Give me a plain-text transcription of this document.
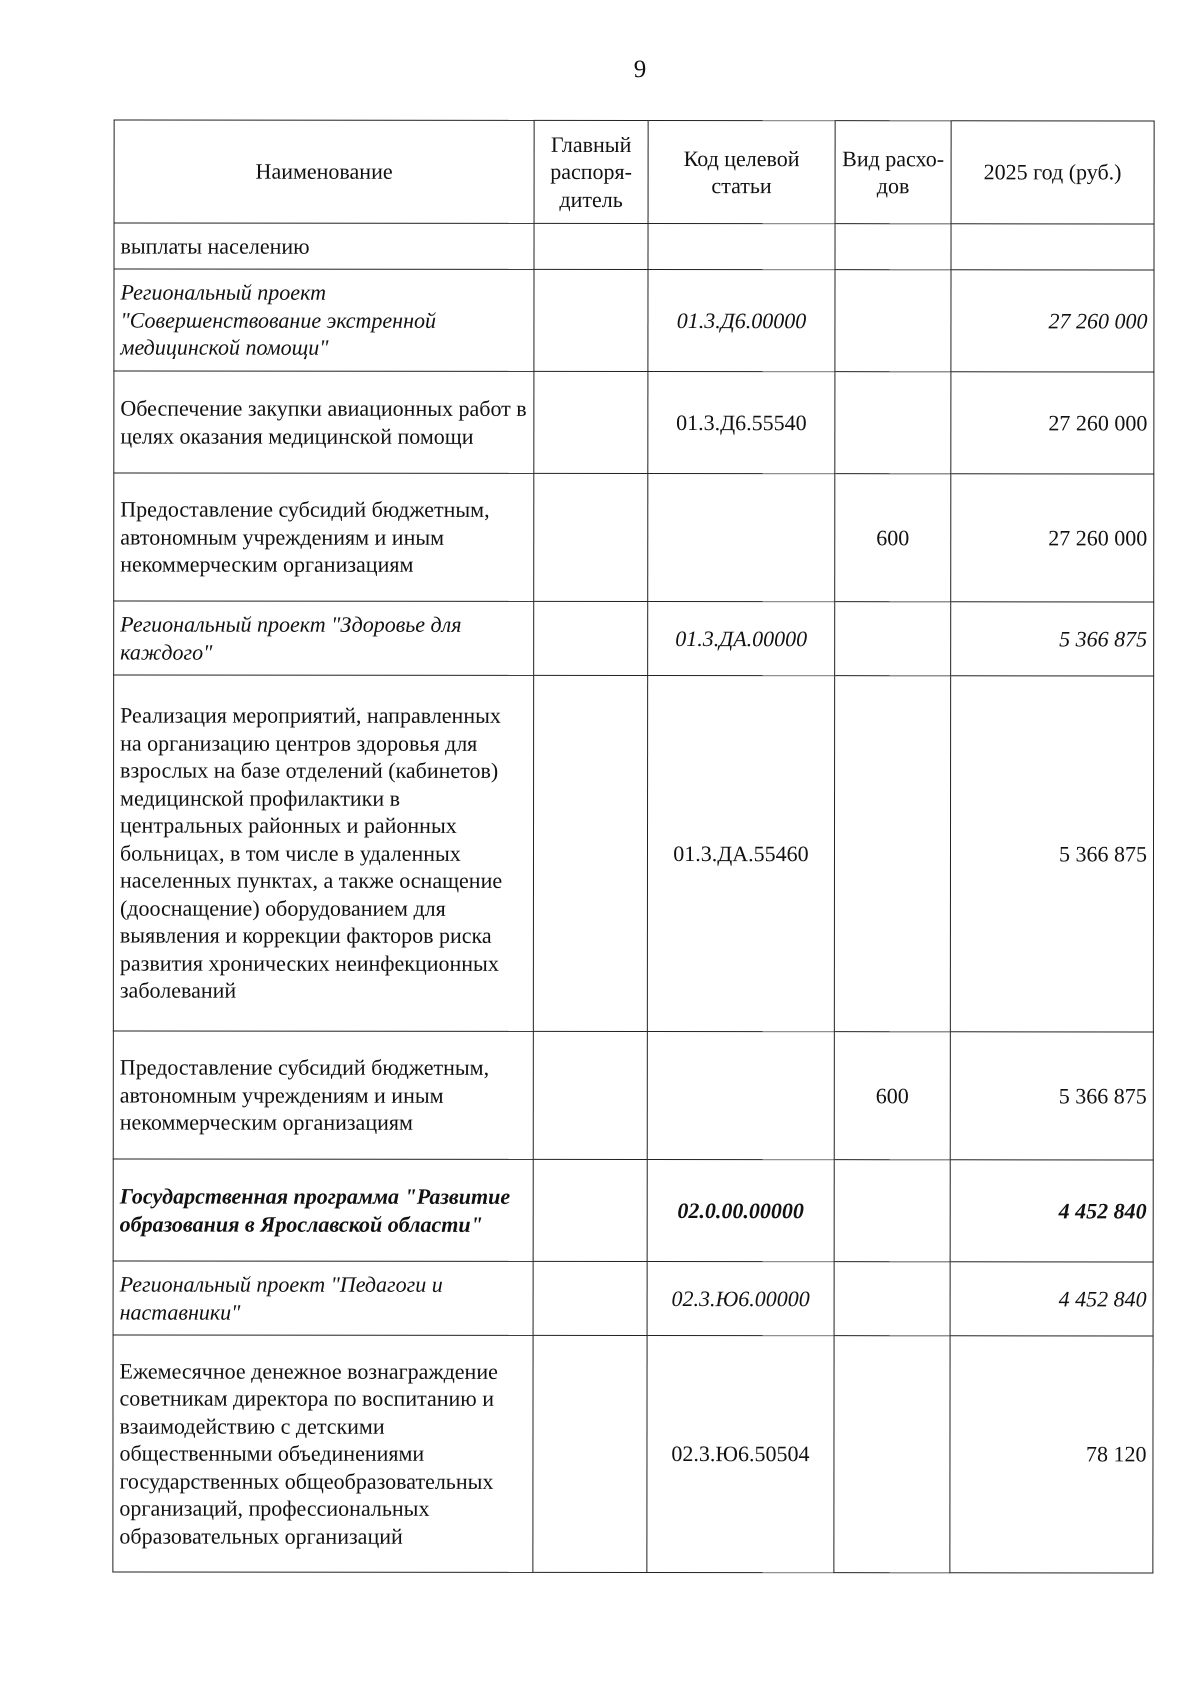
9
Наименование	Главный распоря-дитель	Код целевой статьи	Вид расхо-дов	2025 год (руб.)
выплаты населению				
Региональный проект "Совершенствование экстренной медицинской помощи"		01.3.Д6.00000		27 260 000
Обеспечение закупки авиационных работ в целях оказания медицинской помощи		01.3.Д6.55540		27 260 000
Предоставление субсидий бюджетным, автономным учреждениям и иным некоммерческим организациям			600	27 260 000
Региональный проект "Здоровье для каждого"		01.3.ДА.00000		5 366 875
Реализация мероприятий, направленных на организацию центров здоровья для взрослых на базе отделений (кабинетов) медицинской профилактики в центральных районных и районных больницах, в том числе в удаленных населенных пунктах, а также оснащение (дооснащение) оборудованием для выявления и коррекции факторов риска развития хронических неинфекционных заболеваний		01.3.ДА.55460		5 366 875
Предоставление субсидий бюджетным, автономным учреждениям и иным некоммерческим организациям			600	5 366 875
Государственная программа "Развитие образования в Ярославской области"		02.0.00.00000		4 452 840
Региональный проект "Педагоги и наставники"		02.3.Ю6.00000		4 452 840
Ежемесячное денежное вознаграждение советникам директора по воспитанию и взаимодействию с детскими общественными объединениями государственных общеобразовательных организаций, профессиональных образовательных организаций		02.3.Ю6.50504		78 120
